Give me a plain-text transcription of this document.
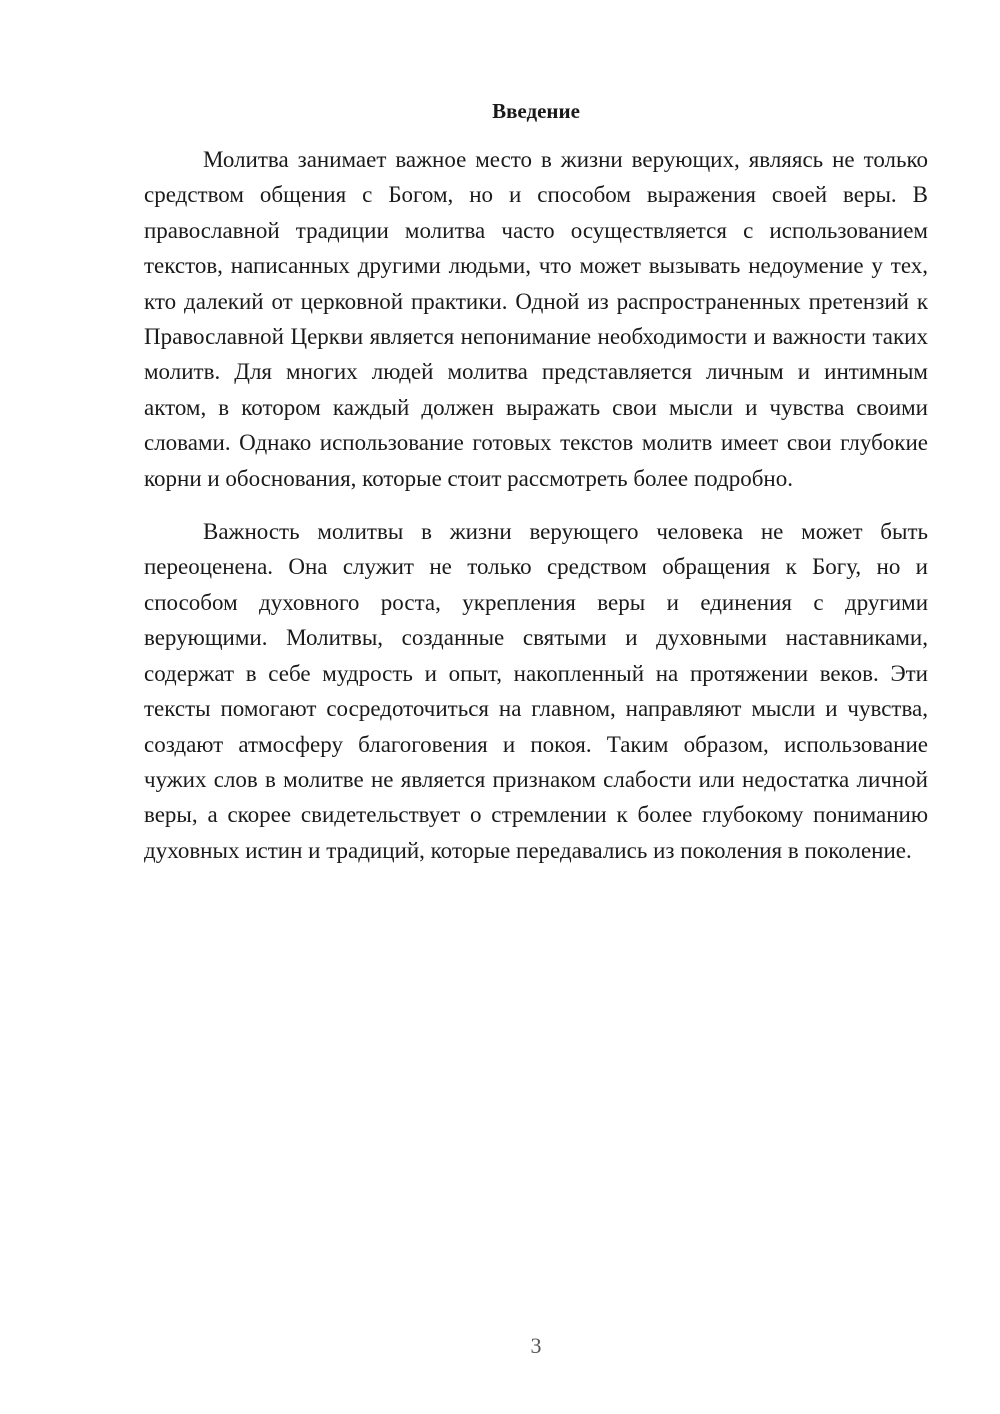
Введение

Молитва занимает важное место в жизни верующих, являясь не только средством общения с Богом, но и способом выражения своей веры. В православной традиции молитва часто осуществляется с использованием текстов, написанных другими людьми, что может вызывать недоумение у тех, кто далекий от церковной практики. Одной из распространенных претензий к Православной Церкви является непонимание необходимости и важности таких молитв. Для многих людей молитва представляется личным и интимным актом, в котором каждый должен выражать свои мысли и чувства своими словами. Однако использование готовых текстов молитв имеет свои глубокие корни и обоснования, которые стоит рассмотреть более подробно.

Важность молитвы в жизни верующего человека не может быть переоценена. Она служит не только средством обращения к Богу, но и способом духовного роста, укрепления веры и единения с другими верующими. Молитвы, созданные святыми и духовными наставниками, содержат в себе мудрость и опыт, накопленный на протяжении веков. Эти тексты помогают сосредоточиться на главном, направляют мысли и чувства, создают атмосферу благоговения и покоя. Таким образом, использование чужих слов в молитве не является признаком слабости или недостатка личной веры, а скорее свидетельствует о стремлении к более глубокому пониманию духовных истин и традиций, которые передавались из поколения в поколение.

3
